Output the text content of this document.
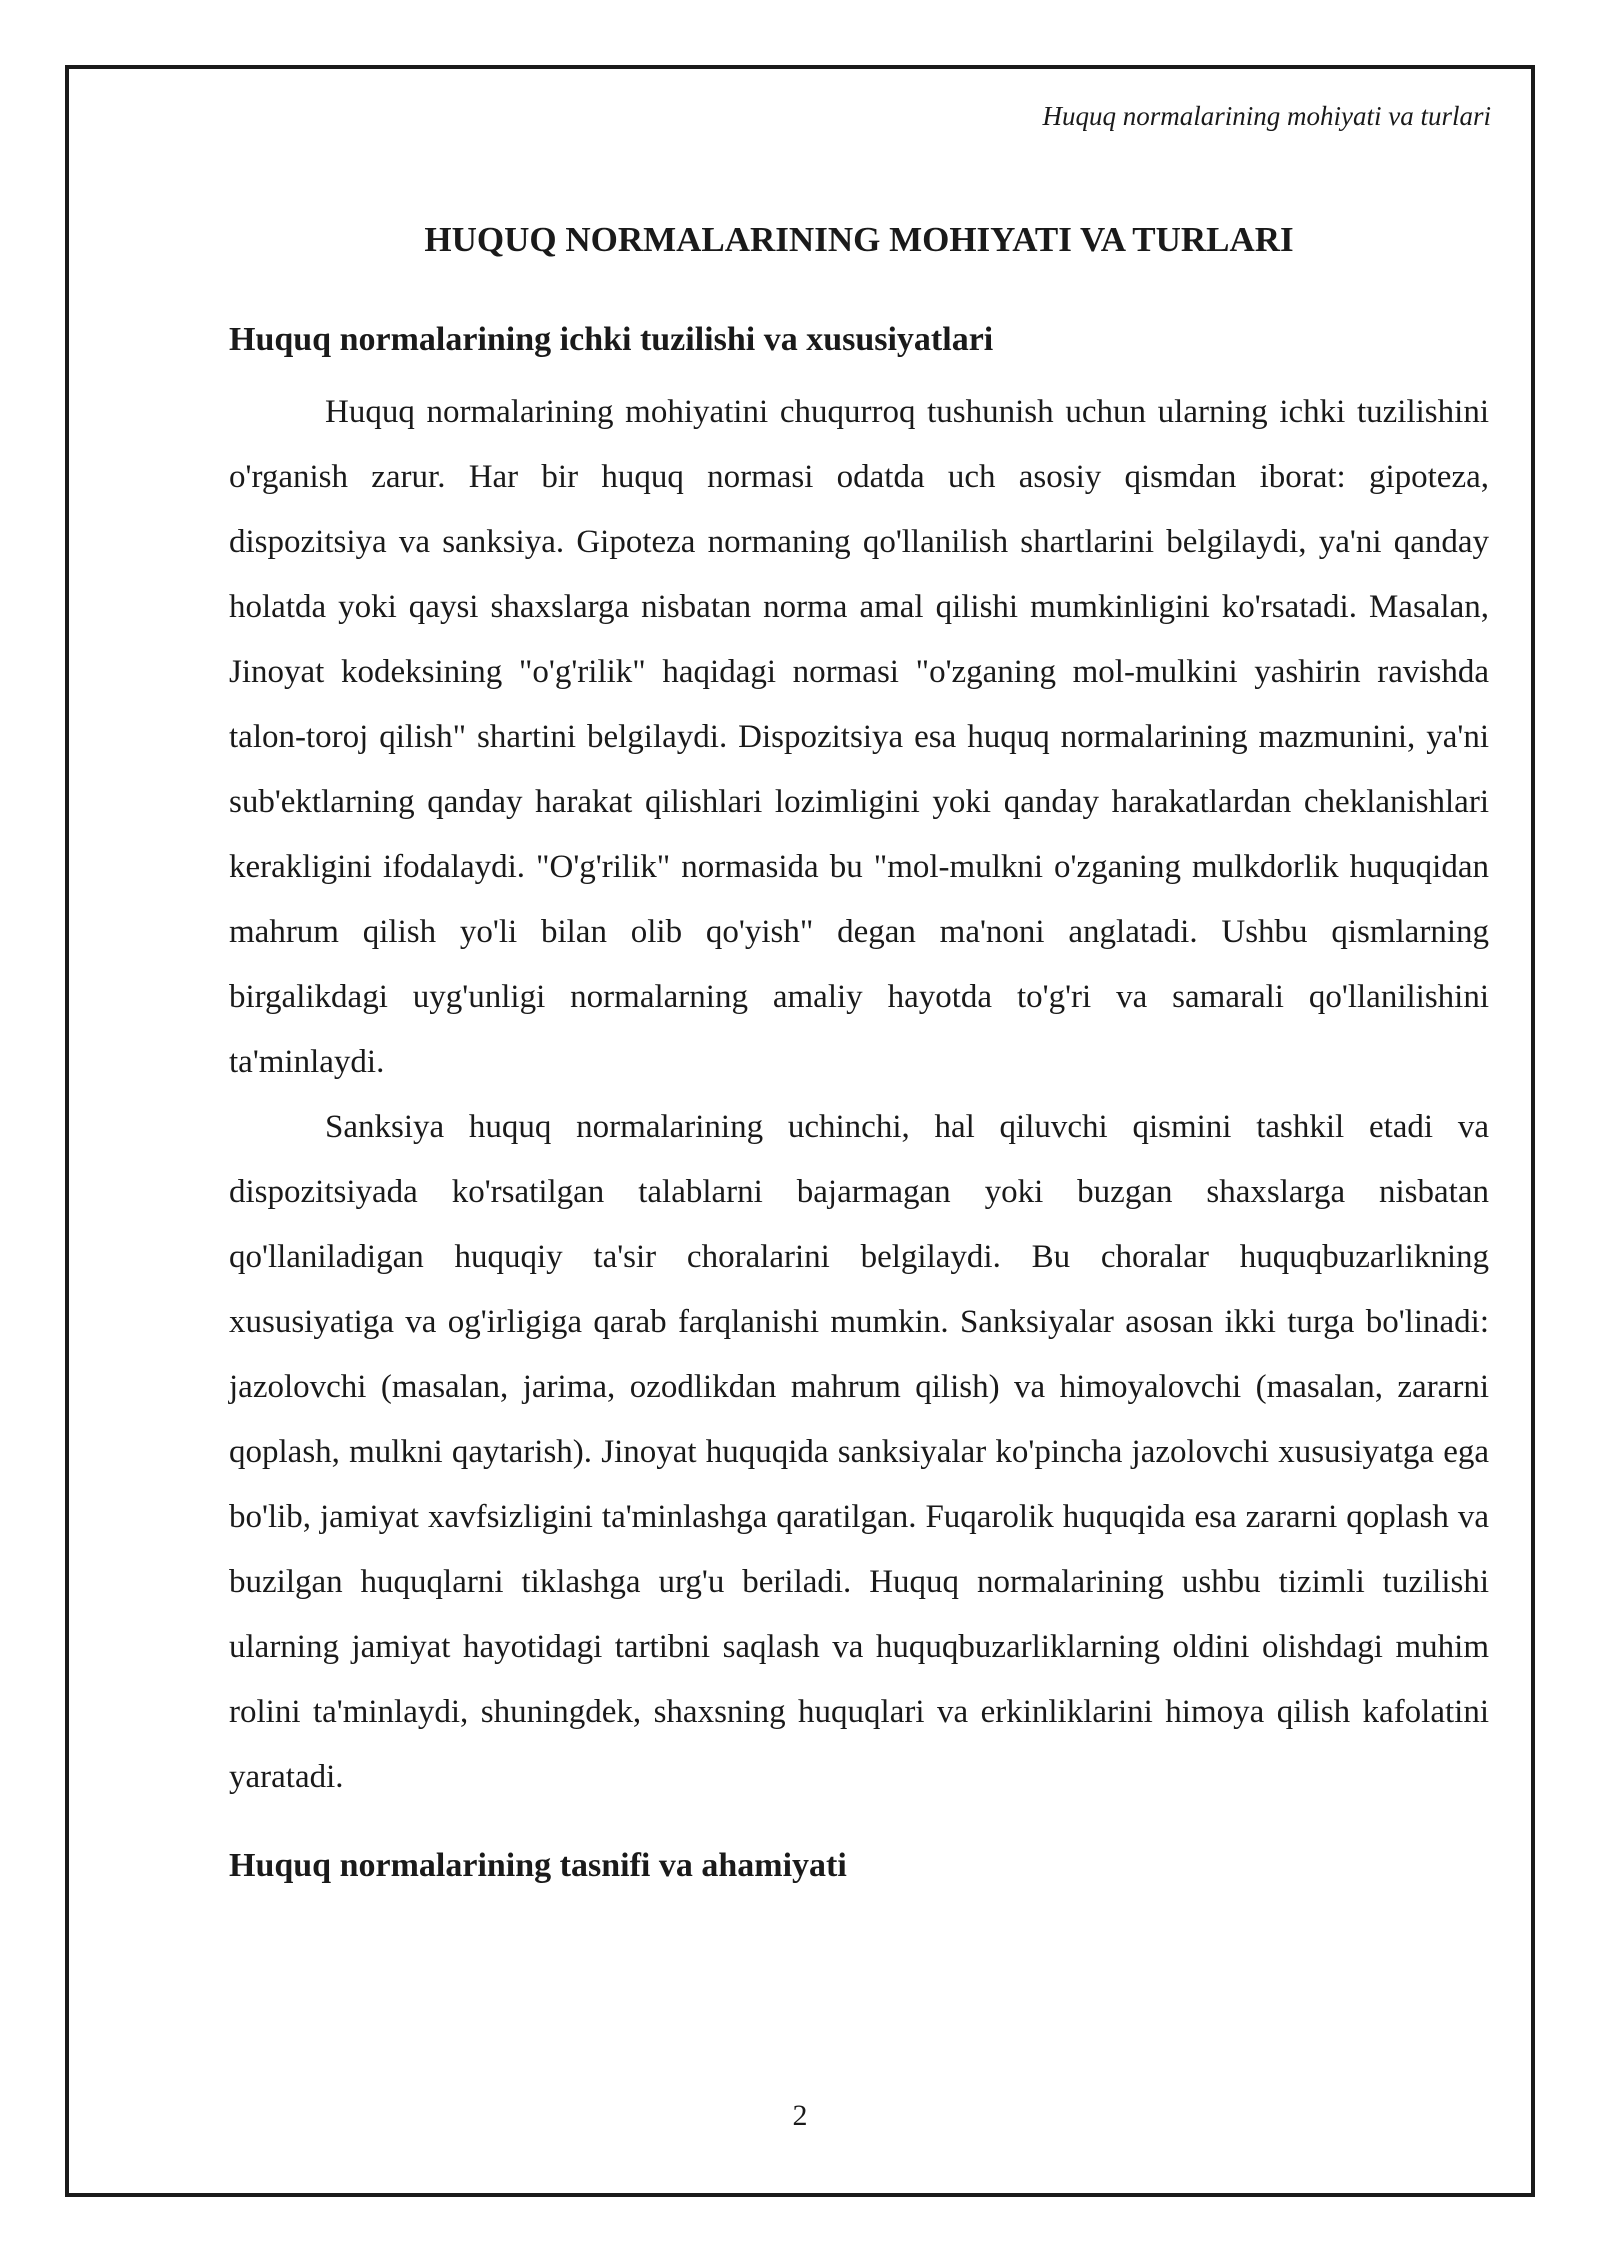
Huquq normalarining mohiyati va turlari
HUQUQ NORMALARINING MOHIYATI VA TURLARI
Huquq normalarining ichki tuzilishi va xususiyatlari

Huquq normalarining mohiyatini chuqurroq tushunish uchun ularning ichki tuzilishini o'rganish zarur. Har bir huquq normasi odatda uch asosiy qismdan iborat: gipoteza, dispozitsiya va sanksiya. Gipoteza normaning qo'llanilish shartlarini belgilaydi, ya'ni qanday holatda yoki qaysi shaxslarga nisbatan norma amal qilishi mumkinligini ko'rsatadi. Masalan, Jinoyat kodeksining "o'g'rilik" haqidagi normasi "o'zganing mol-mulkini yashirin ravishda talon-toroj qilish" shartini belgilaydi. Dispozitsiya esa huquq normalarining mazmunini, ya'ni sub'ektlarning qanday harakat qilishlari lozimligini yoki qanday harakatlardan cheklanishlari kerakligini ifodalaydi. "O'g'rilik" normasida bu "mol-mulkni o'zganing mulkdorlik huquqidan mahrum qilish yo'li bilan olib qo'yish" degan ma'noni anglatadi. Ushbu qismlarning birgalikdagi uyg'unligi normalarning amaliy hayotda to'g'ri va samarali qo'llanilishini ta'minlaydi.

Sanksiya huquq normalarining uchinchi, hal qiluvchi qismini tashkil etadi va dispozitsiyada ko'rsatilgan talablarni bajarmagan yoki buzgan shaxslarga nisbatan qo'llaniladigan huquqiy ta'sir choralarini belgilaydi. Bu choralar huquqbuzarlikning xususiyatiga va og'irligiga qarab farqlanishi mumkin. Sanksiyalar asosan ikki turga bo'linadi: jazolovchi (masalan, jarima, ozodlikdan mahrum qilish) va himoyalovchi (masalan, zararni qoplash, mulkni qaytarish). Jinoyat huquqida sanksiyalar ko'pincha jazolovchi xususiyatga ega bo'lib, jamiyat xavfsizligini ta'minlashga qaratilgan. Fuqarolik huquqida esa zararni qoplash va buzilgan huquqlarni tiklashga urg'u beriladi. Huquq normalarining ushbu tizimli tuzilishi ularning jamiyat hayotidagi tartibni saqlash va huquqbuzarliklarning oldini olishdagi muhim rolini ta'minlaydi, shuningdek, shaxsning huquqlari va erkinliklarini himoya qilish kafolatini yaratadi.

Huquq normalarining tasnifi va ahamiyati
2
